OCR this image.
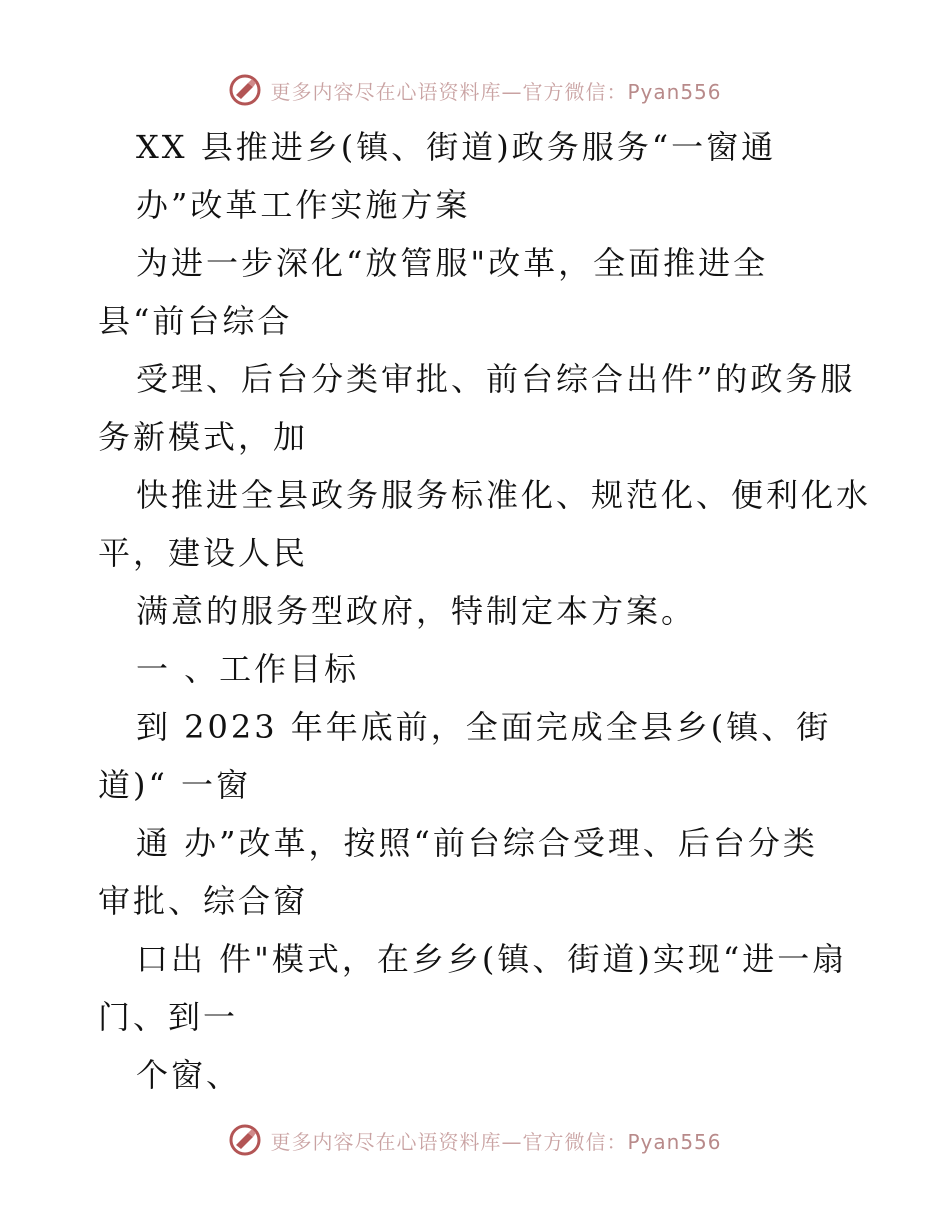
更多内容尽在心语资料库—官方微信：Pyan556
XX 县推进乡(镇、街道)政务服务“一窗通
办”改革工作实施方案
为进一步深化“放管服"改革，全面推进全
县“前台综合
受理、后台分类审批、前台综合出件”的政务服
务新模式，加
快推进全县政务服务标准化、规范化、便利化水
平，建设人民
满意的服务型政府，特制定本方案。
一 、工作目标
到 2023 年年底前，全面完成全县乡(镇、街
道)“ 一窗
通 办”改革，按照“前台综合受理、后台分类
审批、综合窗
口出 件"模式，在乡乡(镇、街道)实现“进一扇
门、到一
个窗、
更多内容尽在心语资料库—官方微信：Pyan556
